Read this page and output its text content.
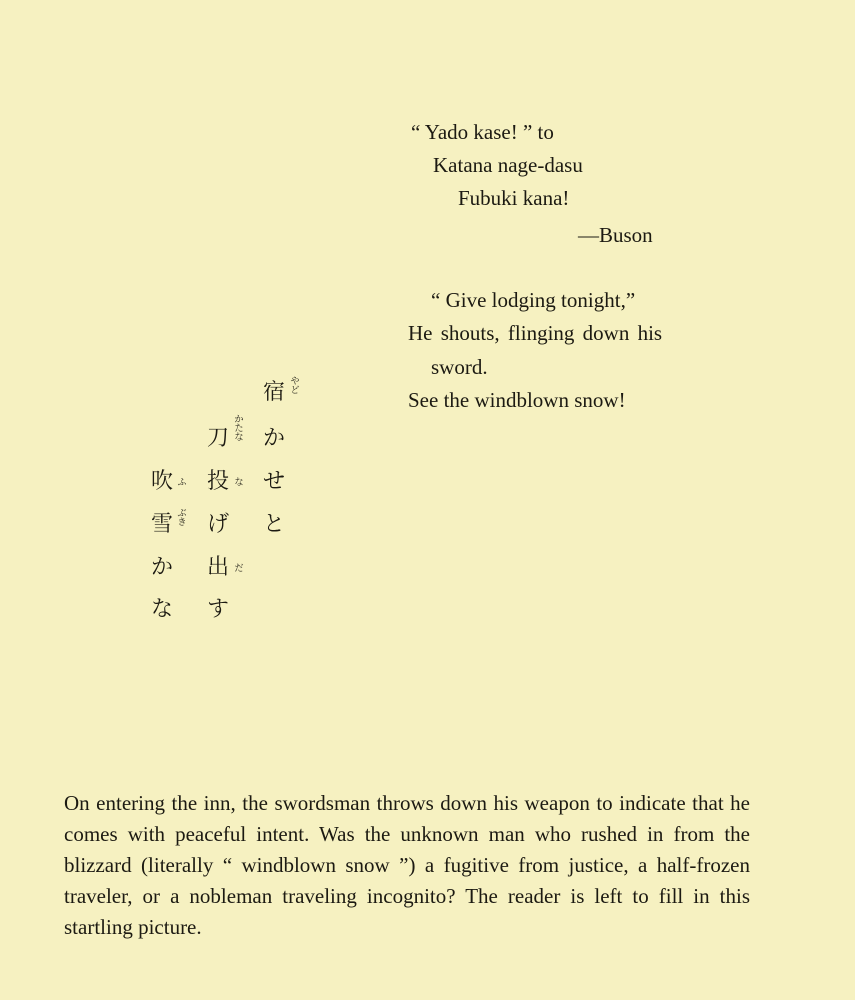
“ Yado kase! ” to
Katana nage-dasu
Fubuki kana!
—Buson
“ Give lodging tonight,”
He shouts, flinging down his
sword.
See the windblown snow!
宿 やど
か
せ
と
刀
かたな
投 な
げ
出 だ
す
吹 ふ
雪 ぶき
か
な

On entering the inn, the swordsman throws down his weapon to indicate that he comes with peaceful intent. Was the unknown man who rushed in from the blizzard (literally “ windblown snow ”) a fugitive from justice, a half-frozen traveler, or a nobleman traveling incognito? The reader is left to fill in this startling picture.
